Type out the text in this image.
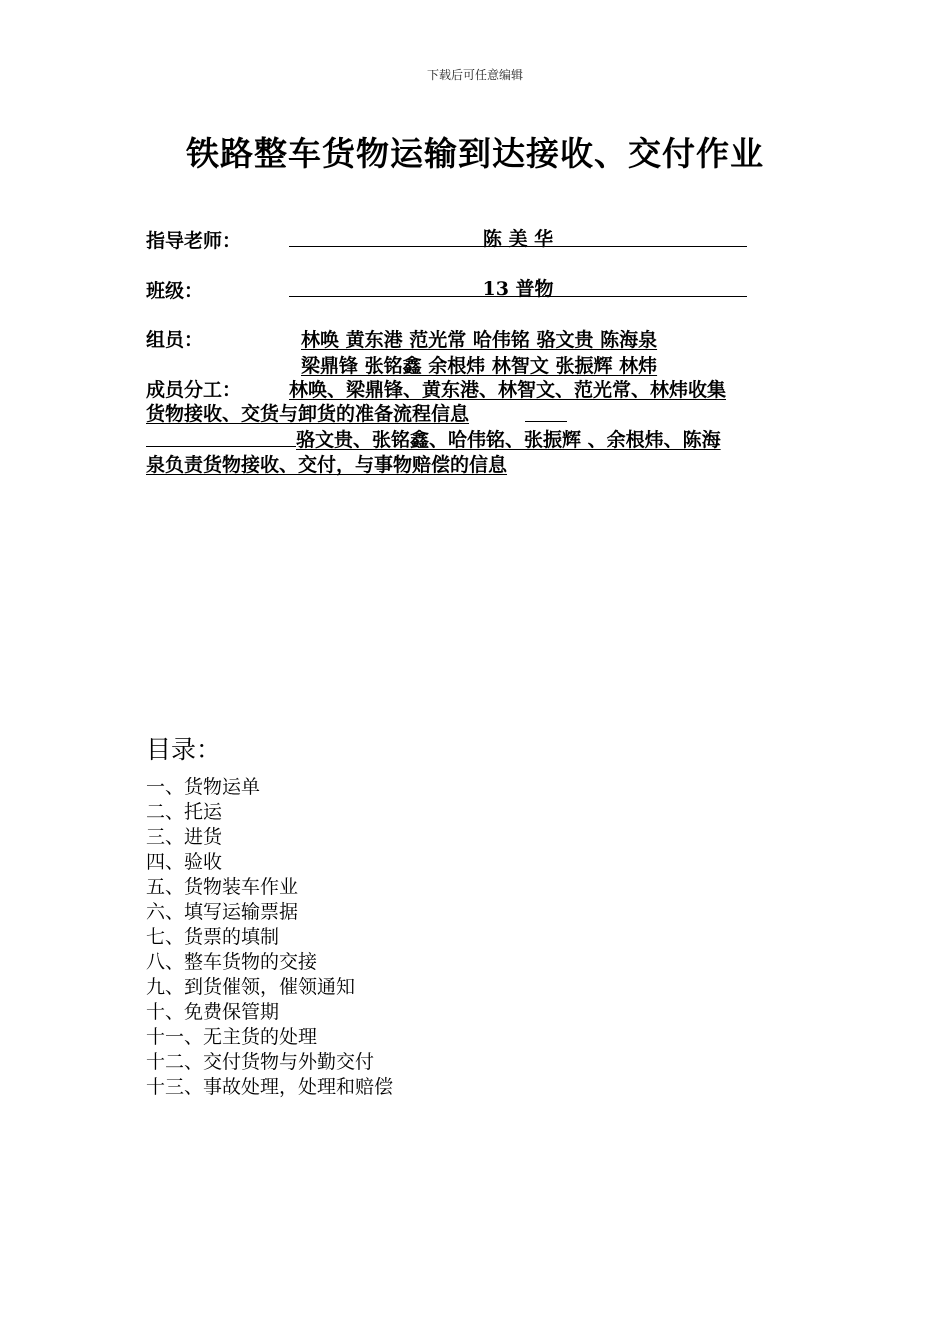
下载后可任意编辑
铁路整车货物运输到达接收、交付作业
指导老师：	陈 美 华
班级：	13 普物
组员：	林唤 黄东港 范光常 哈伟铭 骆文贵 陈海泉
梁鼎锋 张铭鑫 余根炜 林智文 张振辉 林炜
成员分工：	林唤、梁鼎锋、黄东港、林智文、范光常、林炜收集
货物接收、交货与卸货的准备流程信息
骆文贵、张铭鑫、哈伟铭、张振辉 、余根炜、陈海
泉负责货物接收、交付，与事物赔偿的信息
目录：
一、货物运单
二、托运
三、进货
四、验收
五、货物装车作业
六、填写运输票据
七、货票的填制
八、整车货物的交接
九、到货催领，催领通知
十、免费保管期
十一、无主货的处理
十二、交付货物与外勤交付
十三、事故处理，处理和赔偿
